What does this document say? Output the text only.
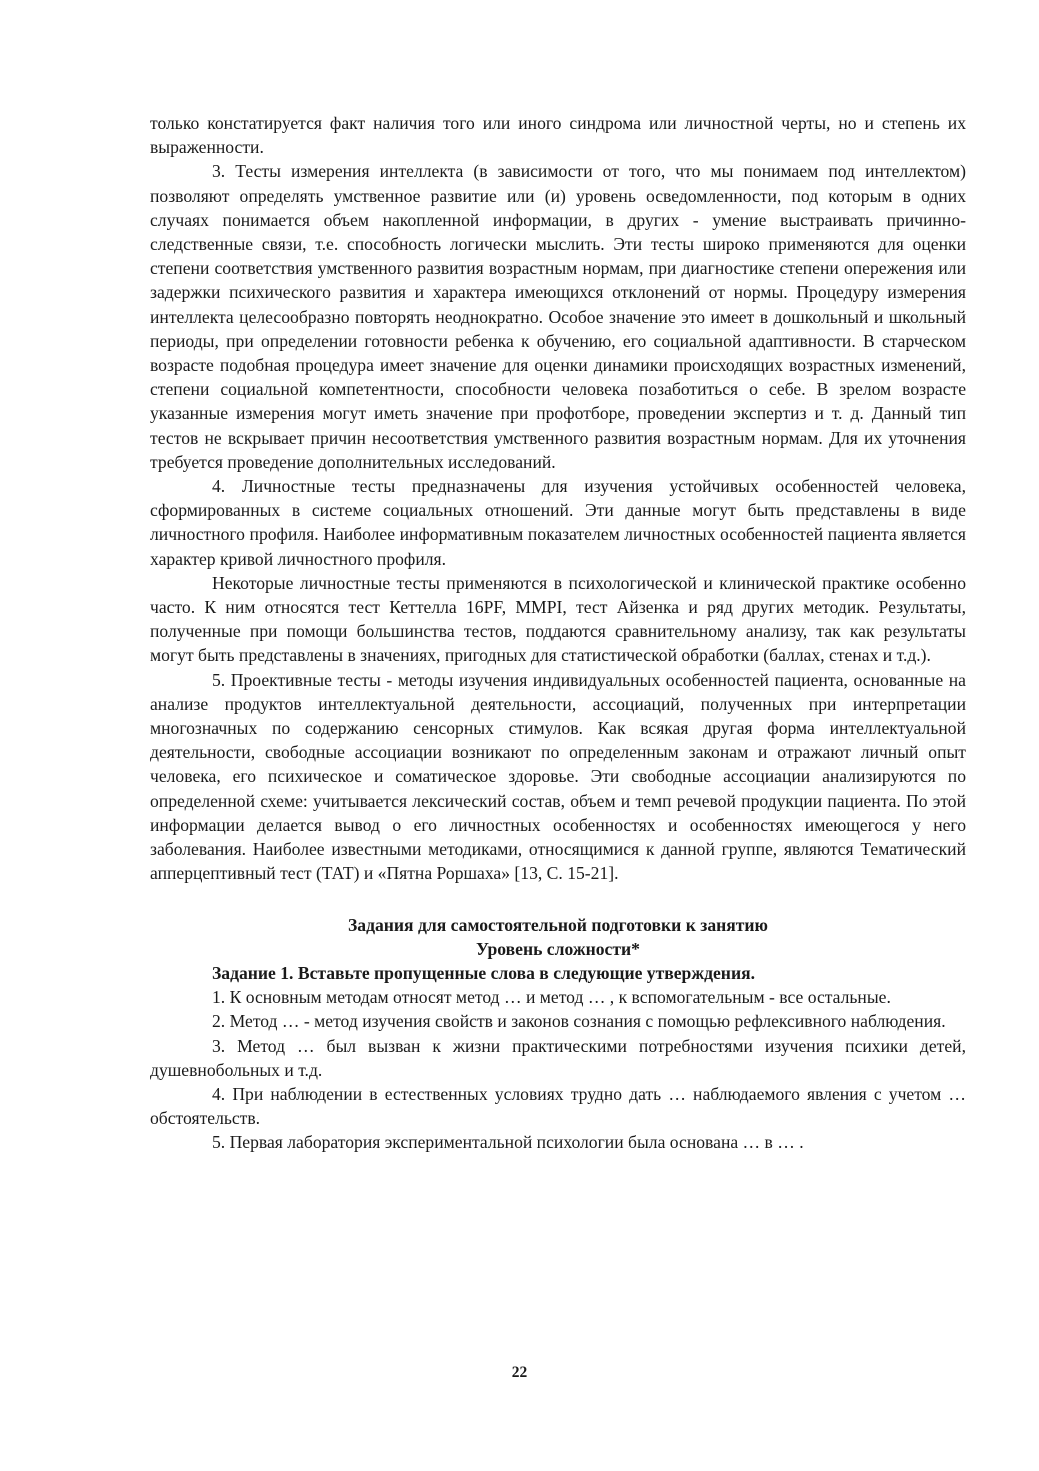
только констатируется факт наличия того или иного синдрома или личностной черты, но и степень их выраженности.

3. Тесты измерения интеллекта (в зависимости от того, что мы понимаем под интеллектом) позволяют определять умственное развитие или (и) уровень осведомленности, под которым в одних случаях понимается объем накопленной информации, в других - умение выстраивать причинно-следственные связи, т.е. способность логически мыслить. Эти тесты широко применяются для оценки степени соответствия умственного развития возрастным нормам, при диагностике степени опережения или задержки психического развития и характера имеющихся отклонений от нормы. Процедуру измерения интеллекта целесообразно повторять неоднократно. Особое значение это имеет в дошкольный и школьный периоды, при определении готовности ребенка к обучению, его социальной адаптивности. В старческом возрасте подобная процедура имеет значение для оценки динамики происходящих возрастных изменений, степени социальной компетентности, способности человека позаботиться о себе. В зрелом возрасте указанные измерения могут иметь значение при профотборе, проведении экспертиз и т. д. Данный тип тестов не вскрывает причин несоответствия умственного развития возрастным нормам. Для их уточнения требуется проведение дополнительных исследований.

4. Личностные тесты предназначены для изучения устойчивых особенностей человека, сформированных в системе социальных отношений. Эти данные могут быть представлены в виде личностного профиля. Наиболее информативным показателем личностных особенностей пациента является характер кривой личностного профиля.

Некоторые личностные тесты применяются в психологической и клинической практике особенно часто. К ним относятся тест Кеттелла 16PF, MMPI, тест Айзенка и ряд других методик. Результаты, полученные при помощи большинства тестов, поддаются сравнительному анализу, так как результаты могут быть представлены в значениях, пригодных для статистической обработки (баллах, стенах и т.д.).

5. Проективные тесты - методы изучения индивидуальных особенностей пациента, основанные на анализе продуктов интеллектуальной деятельности, ассоциаций, полученных при интерпретации многозначных по содержанию сенсорных стимулов. Как всякая другая форма интеллектуальной деятельности, свободные ассоциации возникают по определенным законам и отражают личный опыт человека, его психическое и соматическое здоровье. Эти свободные ассоциации анализируются по определенной схеме: учитывается лексический состав, объем и темп речевой продукции пациента. По этой информации делается вывод о его личностных особенностях и особенностях имеющегося у него заболевания. Наиболее известными методиками, относящимися к данной группе, являются Тематический апперцептивный тест (ТАТ) и «Пятна Роршаха» [13, С. 15-21].

Задания для самостоятельной подготовки к занятию

Уровень сложности*

Задание 1. Вставьте пропущенные слова в следующие утверждения.

1. К основным методам относят метод … и метод … , к вспомогательным - все остальные.

2. Метод … - метод изучения свойств и законов сознания с помощью рефлексивного наблюдения.

3. Метод … был вызван к жизни практическими потребностями изучения психики детей, душевнобольных и т.д.

4. При наблюдении в естественных условиях трудно дать … наблюдаемого явления с учетом … обстоятельств.

5. Первая лаборатория экспериментальной психологии была основана … в … .

22
